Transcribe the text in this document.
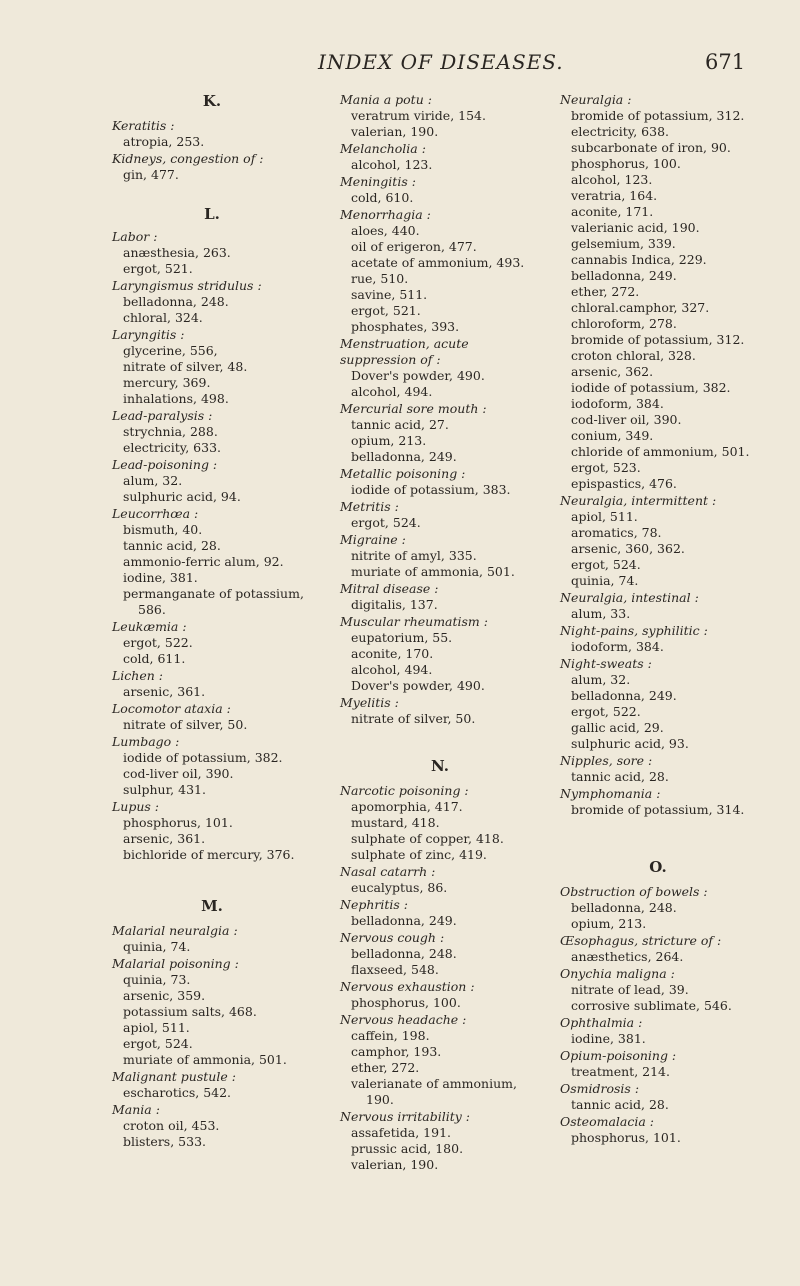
INDEX OF DISEASES.	671
K.
Keratitis :
atropia, 253.
Kidneys, congestion of :
gin, 477.
L.
Labor :
anæsthesia, 263.
ergot, 521.
Laryngismus stridulus :
belladonna, 248.
chloral, 324.
Laryngitis :
glycerine, 556,
nitrate of silver, 48.
mercury, 369.
inhalations, 498.
Lead-paralysis :
strychnia, 288.
electricity, 633.
Lead-poisoning :
alum, 32.
sulphuric acid, 94.
Leucorrhœa :
bismuth, 40.
tannic acid, 28.
ammonio-ferric alum, 92.
iodine, 381.
permanganate of potassium, 586.
Leukæmia :
ergot, 522.
cold, 611.
Lichen :
arsenic, 361.
Locomotor ataxia :
nitrate of silver, 50.
Lumbago :
iodide of potassium, 382.
cod-liver oil, 390.
sulphur, 431.
Lupus :
phosphorus, 101.
arsenic, 361.
bichloride of mercury, 376.
M.
Malarial neuralgia :
quinia, 74.
Malarial poisoning :
quinia, 73.
arsenic, 359.
potassium salts, 468.
apiol, 511.
ergot, 524.
muriate of ammonia, 501.
Malignant pustule :
escharotics, 542.
Mania :
croton oil, 453.
blisters, 533.
Mania a potu :
veratrum viride, 154.
valerian, 190.
Melancholia :
alcohol, 123.
Meningitis :
cold, 610.
Menorrhagia :
aloes, 440.
oil of erigeron, 477.
acetate of ammonium, 493.
rue, 510.
savine, 511.
ergot, 521.
phosphates, 393.
Menstruation, acute suppression of :
Dover's powder, 490.
alcohol, 494.
Mercurial sore mouth :
tannic acid, 27.
opium, 213.
belladonna, 249.
Metallic poisoning :
iodide of potassium, 383.
Metritis :
ergot, 524.
Migraine :
nitrite of amyl, 335.
muriate of ammonia, 501.
Mitral disease :
digitalis, 137.
Muscular rheumatism :
eupatorium, 55.
aconite, 170.
alcohol, 494.
Dover's powder, 490.
Myelitis :
nitrate of silver, 50.
N.
Narcotic poisoning :
apomorphia, 417.
mustard, 418.
sulphate of copper, 418.
sulphate of zinc, 419.
Nasal catarrh :
eucalyptus, 86.
Nephritis :
belladonna, 249.
Nervous cough :
belladonna, 248.
flaxseed, 548.
Nervous exhaustion :
phosphorus, 100.
Nervous headache :
caffein, 198.
camphor, 193.
ether, 272.
valerianate of ammonium, 190.
Nervous irritability :
assafetida, 191.
prussic acid, 180.
valerian, 190.
Neuralgia :
bromide of potassium, 312.
electricity, 638.
subcarbonate of iron, 90.
phosphorus, 100.
alcohol, 123.
veratria, 164.
aconite, 171.
valerianic acid, 190.
gelsemium, 339.
cannabis Indica, 229.
belladonna, 249.
ether, 272.
chloral.camphor, 327.
chloroform, 278.
bromide of potassium, 312.
croton chloral, 328.
arsenic, 362.
iodide of potassium, 382.
iodoform, 384.
cod-liver oil, 390.
conium, 349.
chloride of ammonium, 501.
ergot, 523.
epispastics, 476.
Neuralgia, intermittent :
apiol, 511.
aromatics, 78.
arsenic, 360, 362.
ergot, 524.
quinia, 74.
Neuralgia, intestinal :
alum, 33.
Night-pains, syphilitic :
iodoform, 384.
Night-sweats :
alum, 32.
belladonna, 249.
ergot, 522.
gallic acid, 29.
sulphuric acid, 93.
Nipples, sore :
tannic acid, 28.
Nymphomania :
bromide of potassium, 314.
O.
Obstruction of bowels :
belladonna, 248.
opium, 213.
Œsophagus, stricture of :
anæsthetics, 264.
Onychia maligna :
nitrate of lead, 39.
corrosive sublimate, 546.
Ophthalmia :
iodine, 381.
Opium-poisoning :
treatment, 214.
Osmidrosis :
tannic acid, 28.
Osteomalacia :
phosphorus, 101.
